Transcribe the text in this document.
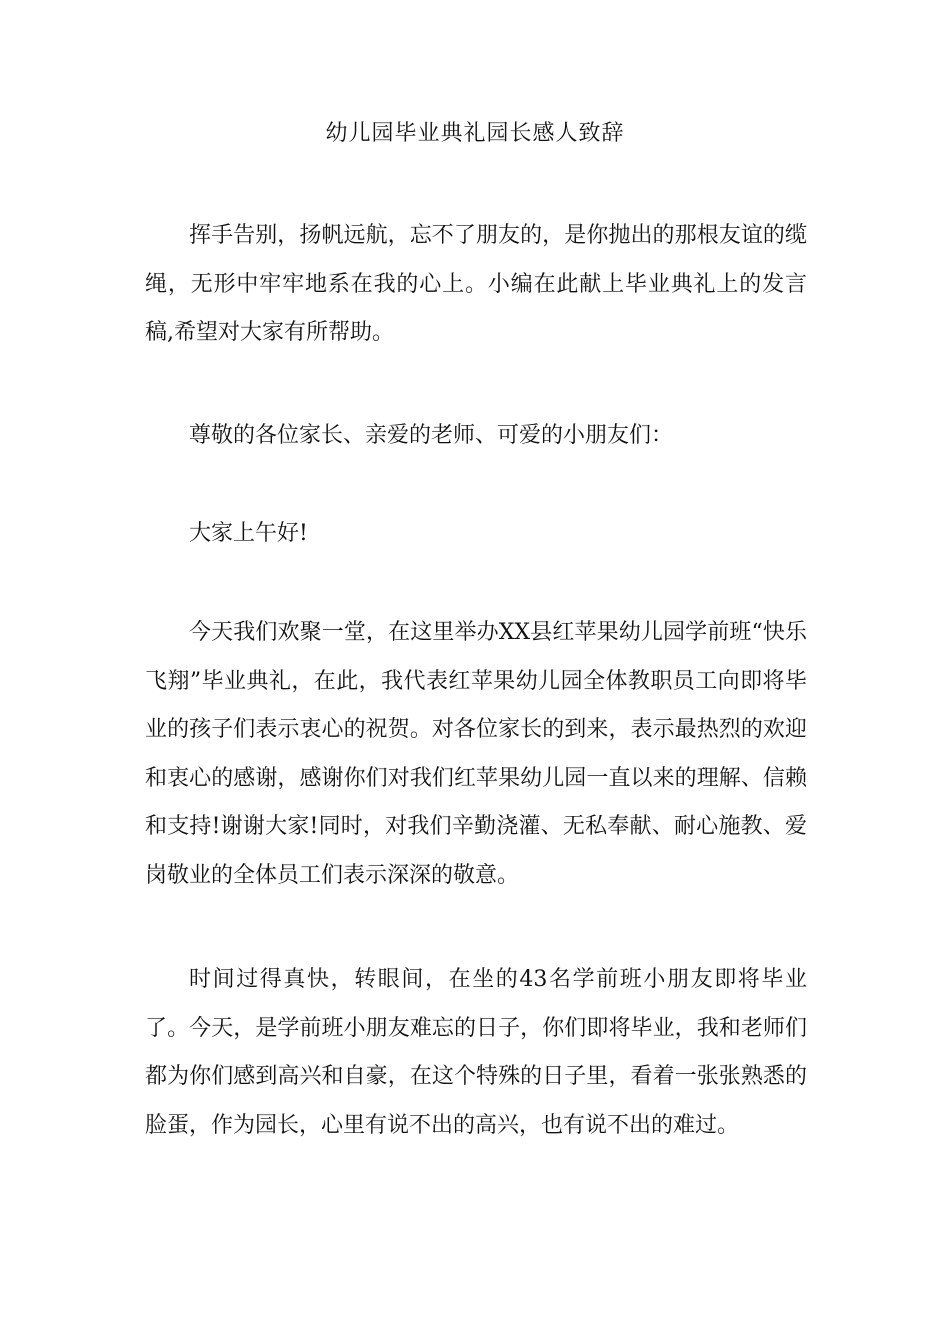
幼儿园毕业典礼园长感人致辞

挥手告别，扬帆远航，忘不了朋友的，是你抛出的那根友谊的缆绳，无形中牢牢地系在我的心上。小编在此献上毕业典礼上的发言稿,希望对大家有所帮助。

尊敬的各位家长、亲爱的老师、可爱的小朋友们：

大家上午好!

今天我们欢聚一堂，在这里举办XX县红苹果幼儿园学前班“快乐飞翔”毕业典礼，在此，我代表红苹果幼儿园全体教职员工向即将毕业的孩子们表示衷心的祝贺。对各位家长的到来，表示最热烈的欢迎和衷心的感谢，感谢你们对我们红苹果幼儿园一直以来的理解、信赖和支持!谢谢大家!同时，对我们辛勤浇灌、无私奉献、耐心施教、爱岗敬业的全体员工们表示深深的敬意。

时间过得真快，转眼间，在坐的43名学前班小朋友即将毕业了。今天，是学前班小朋友难忘的日子，你们即将毕业，我和老师们都为你们感到高兴和自豪，在这个特殊的日子里，看着一张张熟悉的脸蛋，作为园长，心里有说不出的高兴，也有说不出的难过。
